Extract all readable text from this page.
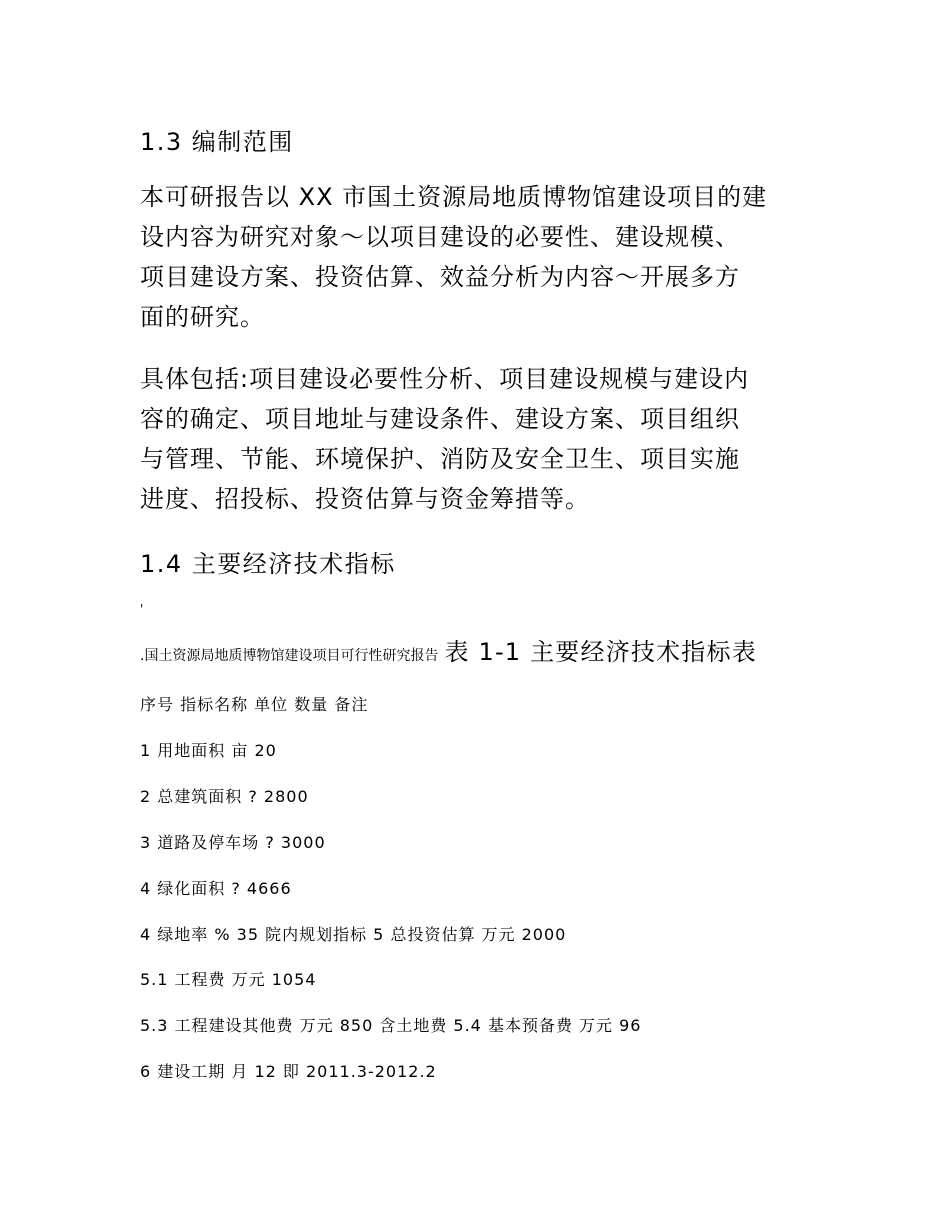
1.3 编制范围
本可研报告以 XX 市国土资源局地质博物馆建设项目的建
设内容为研究对象～以项目建设的必要性、建设规模、
项目建设方案、投资估算、效益分析为内容～开展多方
面的研究。
具体包括:项目建设必要性分析、项目建设规模与建设内
容的确定、项目地址与建设条件、建设方案、项目组织
与管理、节能、环境保护、消防及安全卫生、项目实施
进度、招投标、投资估算与资金筹措等。
1.4 主要经济技术指标
'
.国土资源局地质博物馆建设项目可行性研究报告 表 1-1 主要经济技术指标表
序号 指标名称 单位 数量 备注
1 用地面积 亩 20
2 总建筑面积 ? 2800
3 道路及停车场 ? 3000
4 绿化面积 ? 4666
4 绿地率 % 35 院内规划指标 5 总投资估算 万元 2000
5.1 工程费 万元 1054
5.3 工程建设其他费 万元 850 含土地费 5.4 基本预备费 万元 96
6 建设工期 月 12 即 2011.3-2012.2
